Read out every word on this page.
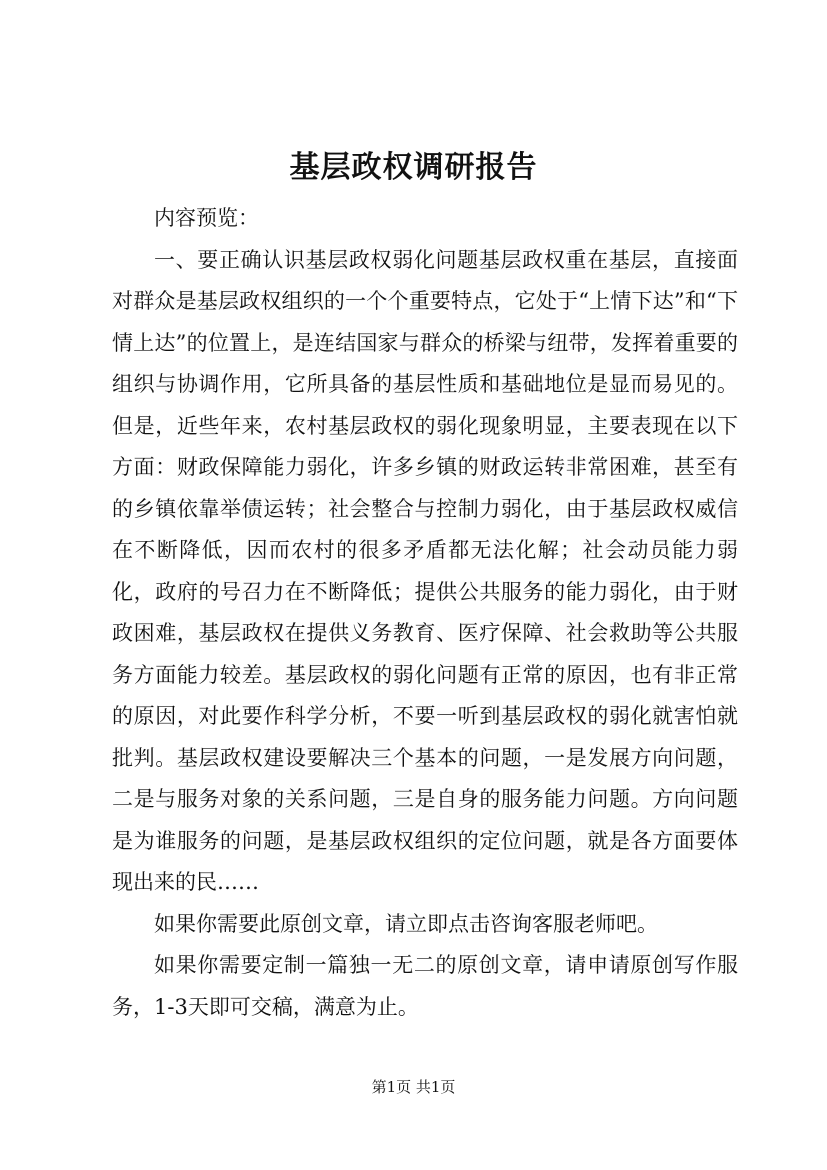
基层政权调研报告

内容预览：

一、要正确认识基层政权弱化问题基层政权重在基层，直接面对群众是基层政权组织的一个个重要特点，它处于“上情下达”和“下情上达”的位置上，是连结国家与群众的桥梁与纽带，发挥着重要的组织与协调作用，它所具备的基层性质和基础地位是显而易见的。但是，近些年来，农村基层政权的弱化现象明显，主要表现在以下方面：财政保障能力弱化，许多乡镇的财政运转非常困难，甚至有的乡镇依靠举债运转；社会整合与控制力弱化，由于基层政权威信在不断降低，因而农村的很多矛盾都无法化解；社会动员能力弱化，政府的号召力在不断降低；提供公共服务的能力弱化，由于财政困难，基层政权在提供义务教育、医疗保障、社会救助等公共服务方面能力较差。基层政权的弱化问题有正常的原因，也有非正常的原因，对此要作科学分析，不要一听到基层政权的弱化就害怕就批判。基层政权建设要解决三个基本的问题，一是发展方向问题，二是与服务对象的关系问题，三是自身的服务能力问题。方向问题是为谁服务的问题，是基层政权组织的定位问题，就是各方面要体现出来的民……

如果你需要此原创文章，请立即点击咨询客服老师吧。

如果你需要定制一篇独一无二的原创文章，请申请原创写作服务，1-3天即可交稿，满意为止。

第1页 共1页
